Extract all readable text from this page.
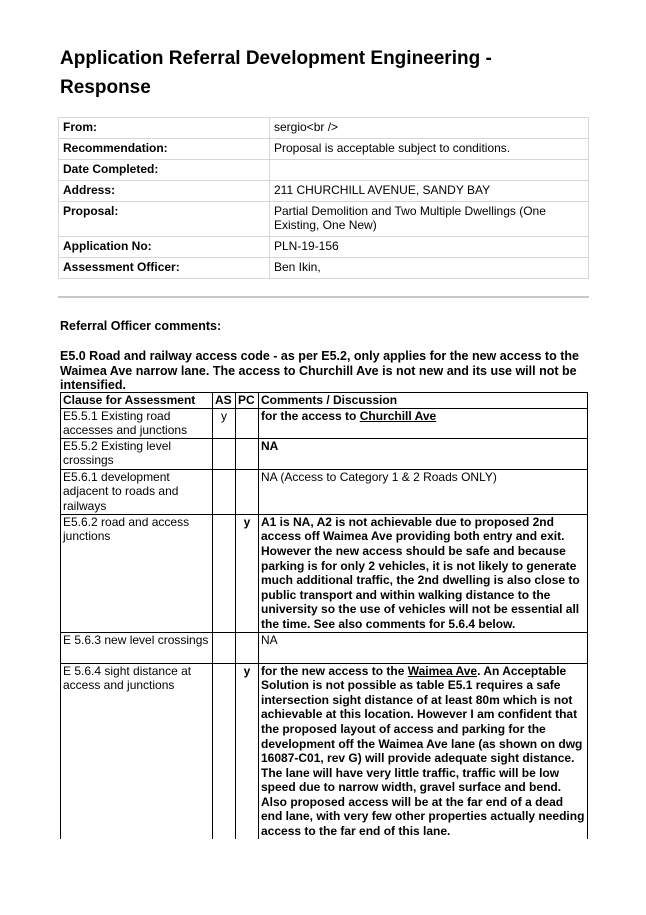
Application Referral Development Engineering - Response
From:	sergio<br />
Recommendation:	Proposal is acceptable subject to conditions.
Date Completed:	
Address:	211 CHURCHILL AVENUE, SANDY BAY
Proposal:	Partial Demolition and Two Multiple Dwellings (One Existing, One New)
Application No:	PLN-19-156
Assessment Officer:	Ben Ikin,

Referral Officer comments:

E5.0 Road and railway access code - as per E5.2, only applies for the new access to the Waimea Ave narrow lane. The access to Churchill Ave is not new and its use will not be intensified.

Clause for Assessment	AS	PC	Comments / Discussion
E5.5.1 Existing road accesses and junctions	y		for the access to Churchill Ave
E5.5.2 Existing level crossings			NA
E5.6.1 development adjacent to roads and railways			NA (Access to Category 1 & 2 Roads ONLY)
E5.6.2 road and access junctions		y	A1 is NA, A2 is not achievable due to proposed 2nd access off Waimea Ave providing both entry and exit. However the new access should be safe and because parking is for only 2 vehicles, it is not likely to generate much additional traffic, the 2nd dwelling is also close to public transport and within walking distance to the university so the use of vehicles will not be essential all the time. See also comments for 5.6.4 below.
E 5.6.3 new level crossings			NA
E 5.6.4 sight distance at access and junctions		y	for the new access to the Waimea Ave. An Acceptable Solution is not possible as table E5.1 requires a safe intersection sight distance of at least 80m which is not achievable at this location. However I am confident that the proposed layout of access and parking for the development off the Waimea Ave lane (as shown on dwg 16087-C01, rev G) will provide adequate sight distance. The lane will have very little traffic, traffic will be low speed due to narrow width, gravel surface and bend. Also proposed access will be at the far end of a dead end lane, with very few other properties actually needing access to the far end of this lane.
